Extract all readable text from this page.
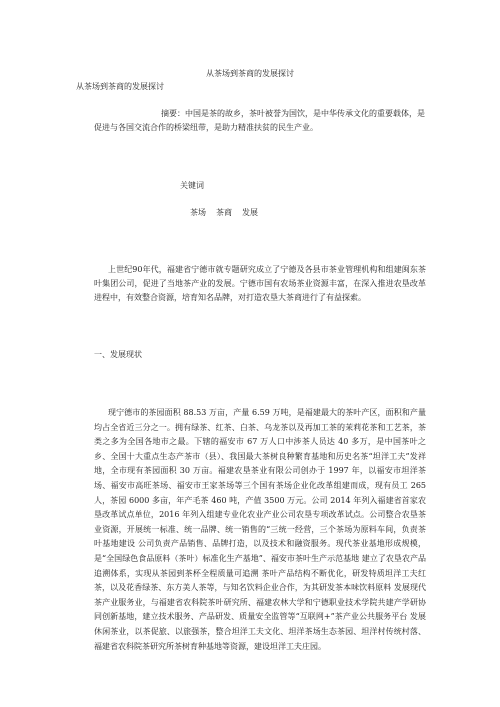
从茶场到茶商的发展探讨
从茶场到茶商的发展探讨
摘要：中国是茶的故乡，茶叶被誉为国饮，是中华传承文化的重要载体，是促进与各国交流合作的桥梁纽带，是助力精准扶贫的民生产业。
关键词
茶场 茶商 发展
上世纪90年代，福建省宁德市就专题研究成立了宁德及各县市茶业管理机构和组建闽东茶叶集团公司，促进了当地茶产业的发展。宁德市国有农场茶业资源丰富，在深入推进农垦改革进程中，有效整合资源，培育知名品牌，对打造农垦大茶商进行了有益探索。
一、发展现状
现宁德市的茶园面积 88.53 万亩，产量 6.59 万吨，是福建最大的茶叶产区，面积和产量均占全省近三分之一。拥有绿茶、红茶、白茶、乌龙茶以及再加工茶的茉莉花茶和工艺茶，茶类之多为全国各地市之最。下辖的福安市 67 万人口中涉茶人员达 40 多万，是中国茶叶之乡、全国十大重点生态产茶市（县）、我国最大茶树良种繁育基地和历史名茶“坦洋工夫”发祥地，全市现有茶园面积 30 万亩。福建农垦茶业有限公司创办于 1997 年，以福安市坦洋茶场、福安市高旺茶场、福安市王家茶场等三个国有茶场企业化改革组建而成，现有员工 265 人，茶园 6000 多亩，年产毛茶 460 吨，产值 3500 万元。公司 2014 年列入福建省首家农垦改革试点单位，2016 年列入组建专业化农业产业公司农垦专项改革试点。公司整合农垦茶业资源，开展统一标准、统一品牌、统一销售的“三统一经营，三个茶场为原料车间，负责茶叶基地建设 公司负责产品销售、品牌打造，以及技术和融资服务。现代茶业基地形成规模，是“全国绿色食品原料（茶叶）标准化生产基地”、福安市茶叶生产示范基地 建立了农垦农产品追溯体系，实现从茶园到茶杯全程质量可追溯 茶叶产品结构不断优化，研发特质坦洋工夫红茶，以及花香绿茶、东方美人茶等，与知名饮料企业合作，为其研发茶本味饮料原料 发展现代茶产业服务业，与福建省农科院茶叶研究所、福建农林大学和宁德职业技术学院共建产学研协同创新基地，建立技术服务、产品研发、质量安全监管等“互联网+”茶产业公共服务平台 发展休闲茶业，以茶促旅、以旅强茶，整合坦洋工夫文化、坦洋茶场生态茶园、坦洋村传统村落、福建省农科院茶研究所茶树育种基地等资源，建设坦洋工夫庄园。
